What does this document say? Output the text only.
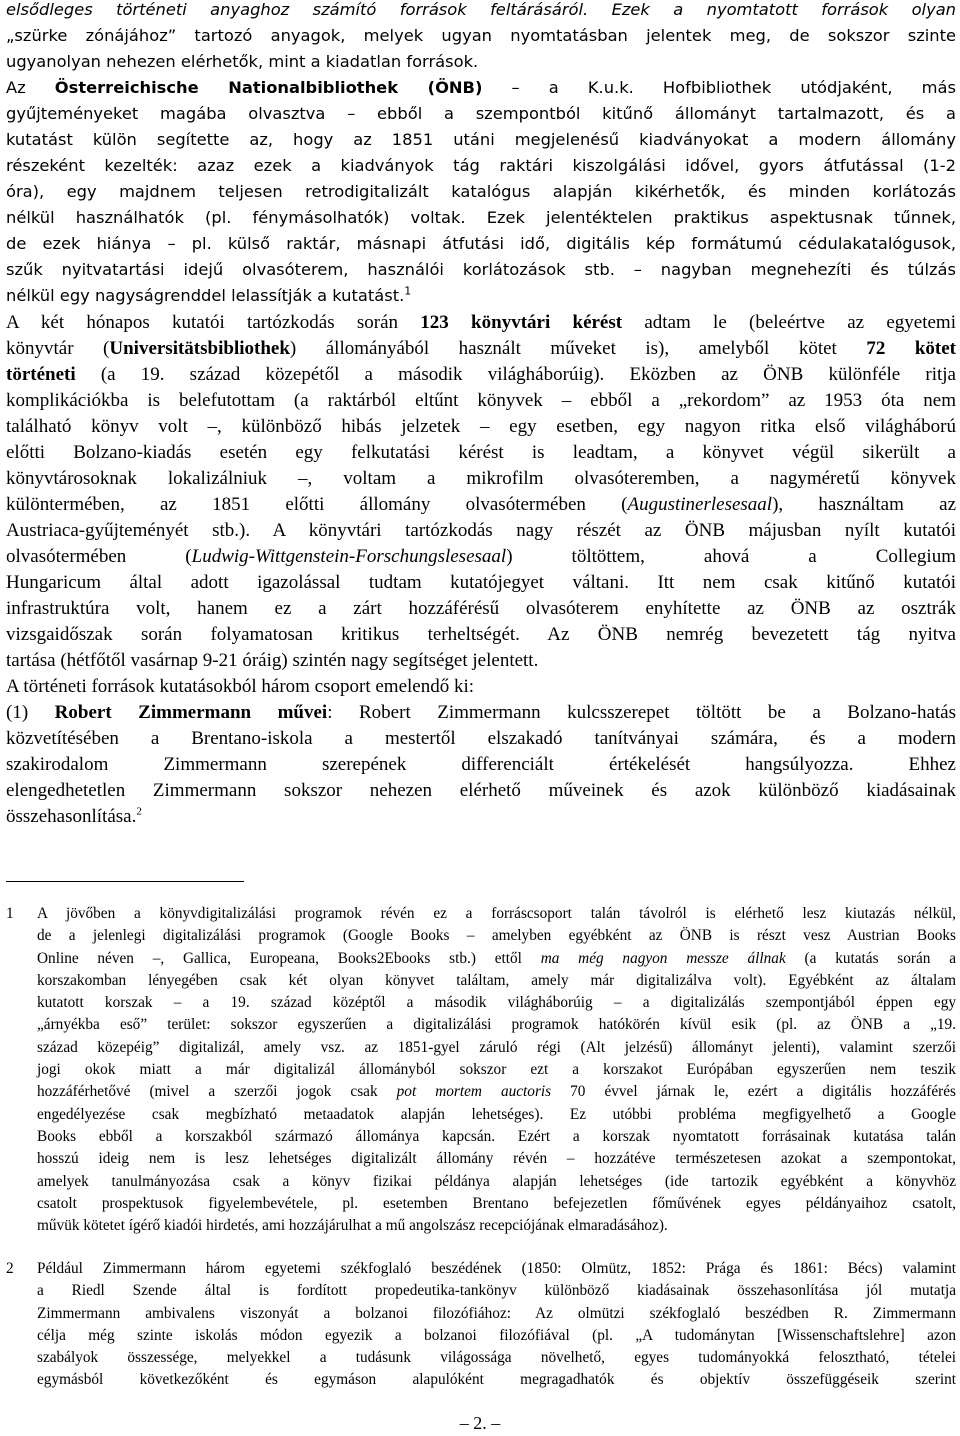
elsődleges történeti anyaghoz számító források feltárásáról. Ezek a nyomtatott források olyan
„szürke zónájához” tartozó anyagok, melyek ugyan nyomtatásban jelentek meg, de sokszor szinte
ugyanolyan nehezen elérhetők, mint a kiadatlan források.
Az Österreichische Nationalbibliothek (ÖNB) – a K.u.k. Hofbibliothek utódjaként, más
gyűjteményeket magába olvasztva – ebből a szempontból kitűnő állományt tartalmazott, és a
kutatást külön segítette az, hogy az 1851 utáni megjelenésű kiadványokat a modern állomány
részeként kezelték: azaz ezek a kiadványok tág raktári kiszolgálási idővel, gyors átfutással (1-2
óra), egy majdnem teljesen retrodigitalizált katalógus alapján kikérhetők, és minden korlátozás
nélkül használhatók (pl. fénymásolhatók) voltak. Ezek jelentéktelen praktikus aspektusnak tűnnek,
de ezek hiánya – pl. külső raktár, másnapi átfutási idő, digitális kép formátumú cédulakatalógusok,
szűk nyitvatartási idejű olvasóterem, használói korlátozások stb. – nagyban megnehezíti és túlzás
nélkül egy nagyságrenddel lelassítják a kutatást.$^1$
A két hónapos kutatói tartózkodás során 123 könyvtári kérést adtam le (beleértve az egyetemi
könyvtár (Universitätsbibliothek) állományából használt műveket is), amelyből kötet 72 kötet
történeti (a 19. század közepétől a második világháborúig). Eközben az ÖNB különféle ritja
komplikációkba is belefutottam (a raktárból eltűnt könyvek – ebből a „rekordom” az 1953 óta nem
található könyv volt –, különböző hibás jelzetek – egy esetben, egy nagyon ritka első világháború
előtti Bolzano-kiadás esetén egy felkutatási kérést is leadtam, a könyvet végül sikerült a
könyvtárosoknak lokalizálniuk –, voltam a mikrofilm olvasóteremben, a nagyméretű könyvek
különtermében, az 1851 előtti állomány olvasótermében (Augustinerlesesaal), használtam az
Austriaca-gyűjteményét stb.). A könyvtári tartózkodás nagy részét az ÖNB májusban nyílt kutatói
olvasótermében (Ludwig-Wittgenstein-Forschungslesesaal) töltöttem, ahová a Collegium
Hungaricum által adott igazolással tudtam kutatójegyet váltani. Itt nem csak kitűnő kutatói
infrastruktúra volt, hanem ez a zárt hozzáférésű olvasóterem enyhítette az ÖNB az osztrák
vizsgaidőszak során folyamatosan kritikus terheltségét. Az ÖNB nemrég bevezetett tág nyitva
tartása (hétfőtől vasárnap 9-21 óráig) szintén nagy segítséget jelentett.
A történeti források kutatásokból három csoport emelendő ki:
(1) Robert Zimmermann művei: Robert Zimmermann kulcsszerepet töltött be a Bolzano-hatás
közvetítésében a Brentano-iskola a mestertől elszakadó tanítványai számára, és a modern
szakirodalom Zimmermann szerepének differenciált értékelését hangsúlyozza. Ehhez
elengedhetetlen Zimmermann sokszor nehezen elérhető műveinek és azok különböző kiadásainak
összehasonlítása.$^2$
1	A jövőben a könyvdigitalizálási programok révén ez a forráscsoport talán távolról is elérhető lesz kiutazás nélkül,
de a jelenlegi digitalizálási programok (Google Books – amelyben egyébként az ÖNB is részt vesz Austrian Books
Online néven –, Gallica, Europeana, Books2Ebooks stb.) ettől ma még nagyon messze állnak (a kutatás során a
korszakomban lényegében csak két olyan könyvet találtam, amely már digitalizálva volt). Egyébként az általam
kutatott korszak – a 19. század középtől a második világháborúig – a digitalizálás szempontjából éppen egy
„árnyékba eső” terület: sokszor egyszerűen a digitalizálási programok hatókörén kívül esik (pl. az ÖNB a „19.
század közepéig” digitalizál, amely vsz. az 1851-gyel záruló régi (Alt jelzésű) állományt jelenti), valamint szerzői
jogi okok miatt a már digitalizál állományból sokszor ezt a korszakot Európában egyszerűen nem teszik
hozzáférhetővé (mivel a szerzői jogok csak pot mortem auctoris 70 évvel járnak le, ezért a digitális hozzáférés
engedélyezése csak megbízható metaadatok alapján lehetséges). Ez utóbbi probléma megfigyelhető a Google
Books ebből a korszakból származó állománya kapcsán. Ezért a korszak nyomtatott forrásainak kutatása talán
hosszú ideig nem is lesz lehetséges digitalizált állomány révén – hozzátéve természetesen azokat a szempontokat,
amelyek tanulmányozása csak a könyv fizikai példánya alapján lehetséges (ide tartozik egyébként a könyvhöz
csatolt prospektusok figyelembevétele, pl. esetemben Brentano befejezetlen főművének egyes példányaihoz csatolt,
művük kötetet ígérő kiadói hirdetés, ami hozzájárulhat a mű angolszász recepciójának elmaradásához).
2	Például Zimmermann három egyetemi székfoglaló beszédének (1850: Olmütz, 1852: Prága és 1861: Bécs) valamint
a Riedl Szende által is fordított propedeutika-tankönyv különböző kiadásainak összehasonlítása jól mutatja
Zimmermann ambivalens viszonyát a bolzanoi filozófiához: Az olmützi székfoglaló beszédben R. Zimmermann
célja még szinte iskolás módon egyezik a bolzanoi filozófiával (pl. „A tudománytan [Wissenschaftslehre] azon
szabályok összessége, melyekkel a tudásunk világossága növelhető, egyes tudományokká felosztható, tételei
egymásból következőként és egymáson alapulóként megragadhatók és objektív összefüggéseik szerint
– 2. –
